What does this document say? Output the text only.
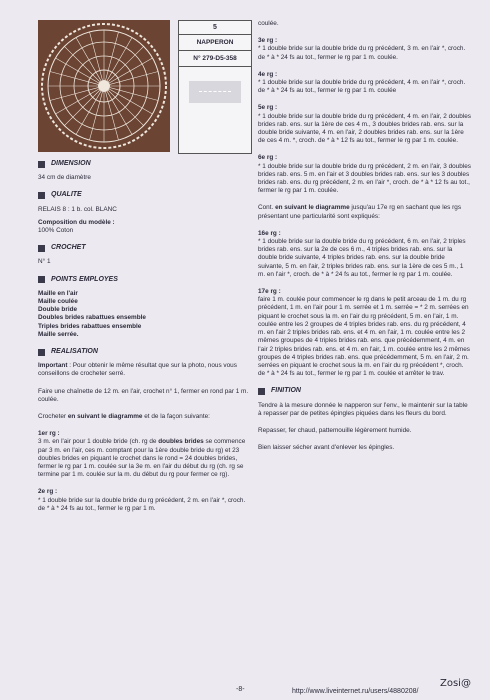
5
NAPPERON
N° 279-D5-358
DIMENSION

34 cm de diamètre

QUALITE

RELAIS 8 : 1 b. col. BLANC

Composition du modèle :

100% Coton

CROCHET

N° 1

POINTS EMPLOYES

Maille en l'air

Maille coulée

Double bride

Doubles brides rabattues ensemble

Triples brides rabattues ensemble

Maille serrée.

REALISATION

Important : Pour obtenir le même résultat que sur la photo, nous vous conseillons de crocheter serré.

Faire une chaînette de 12 m. en l'air, crochet n° 1, fermer en rond par 1 m. coulée.

Crocheter en suivant le diagramme et de la façon suivante:

1er rg :

3 m. en l'air pour 1 double bride (ch. rg de doubles brides se commence par 3 m. en l'air, ces m. comptant pour la 1ère double bride du rg) et 23 doubles brides en piquant le crochet dans le rond = 24 doubles brides, fermer le rg par 1 m. coulée sur la 3e m. en l'air du début du rg (ch. rg se termine par 1 m. coulée sur la m. du début du rg pour fermer ce rg).

2e rg :

* 1 double bride sur la double bride du rg précédent, 2 m. en l'air *, croch. de * à * 24 fs au tot., fermer le rg par 1 m.

coulée.

3e rg :

* 1 double bride sur la double bride du rg précédent, 3 m. en l'air *, croch. de * à * 24 fs au tot., fermer le rg par 1 m. coulée.

4e rg :

* 1 double bride sur la double bride du rg précédent, 4 m. en l'air *, croch. de * à * 24 fs au tot., fermer le rg par 1 m. coulée

5e rg :

* 1 double bride sur la double bride du rg précédent, 4 m. en l'air, 2 doubles brides rab. ens. sur la 1ère de ces 4 m., 3 doubles brides rab. ens. sur la double bride suivante, 4 m. en l'air, 2 doubles brides rab. ens. sur la 1ère de ces 4 m. *, croch. de * à * 12 fs au tot., fermer le rg par 1 m. coulée.

6e rg :

* 1 double bride sur la double bride du rg précédent, 2 m. en l'air, 3 doubles brides rab. ens. 5 m. en l'air et 3 doubles brides rab. ens. sur les 3 doubles brides rab. ens. du rg précédent, 2 m. en l'air *, croch. de * à * 12 fs au tot., fermer le rg par 1 m. coulée.

Cont. en suivant le diagramme jusqu'au 17e rg en sachant que les rgs présentant une particularité sont expliqués:

16e rg :

* 1 double bride sur la double bride du rg précédent, 6 m. en l'air, 2 triples brides rab. ens. sur la 2e de ces 6 m., 4 triples brides rab. ens. sur la double bride suivante, 4 triples brides rab. ens. sur la double bride suivante, 5 m. en l'air, 2 triples brides rab. ens. sur la 1ère de ces 5 m., 1 m. en l'air *, croch. de * à * 24 fs au tot., fermer le rg par 1 m. coulée.

17e rg :

faire 1 m. coulée pour commencer le rg dans le petit arceau de 1 m. du rg précédent, 1 m. en l'air pour 1 m. serrée et 1 m. serrée = * 2 m. serrées en piquant le crochet sous la m. en l'air du rg précédent, 5 m. en l'air, 1 m. coulée entre les 2 groupes de 4 triples brides rab. ens. du rg précédent, 4 m. en l'air 2 triples brides rab. ens. et 4 m. en l'air, 1 m. coulée entre les 2 mêmes groupes de 4 triples brides rab. ens. que précédemment, 4 m. en l'air 2 triples brides rab. ens. et 4 m. en l'air, 1 m. coulée entre les 2 mêmes groupes de 4 triples brides rab. ens. que précédemment, 5 m. en l'air, 2 m. serrées en piquant le crochet sous la m. en l'air du rg précédent *, croch. de * à * 24 fs au tot., fermer le rg par 1 m. coulée et arrêter le trav.

FINITION

Tendre à la mesure donnée le napperon sur l'env., le maintenir sur la table à repasser par de petites épingles piquées dans les fleurs du bord.

Repasser, fer chaud, pattemouille légèrement humide.

Bien laisser sécher avant d'enlever les épingles.

-8-	http://www.liveinternet.ru/users/4880208/
Zosi@
